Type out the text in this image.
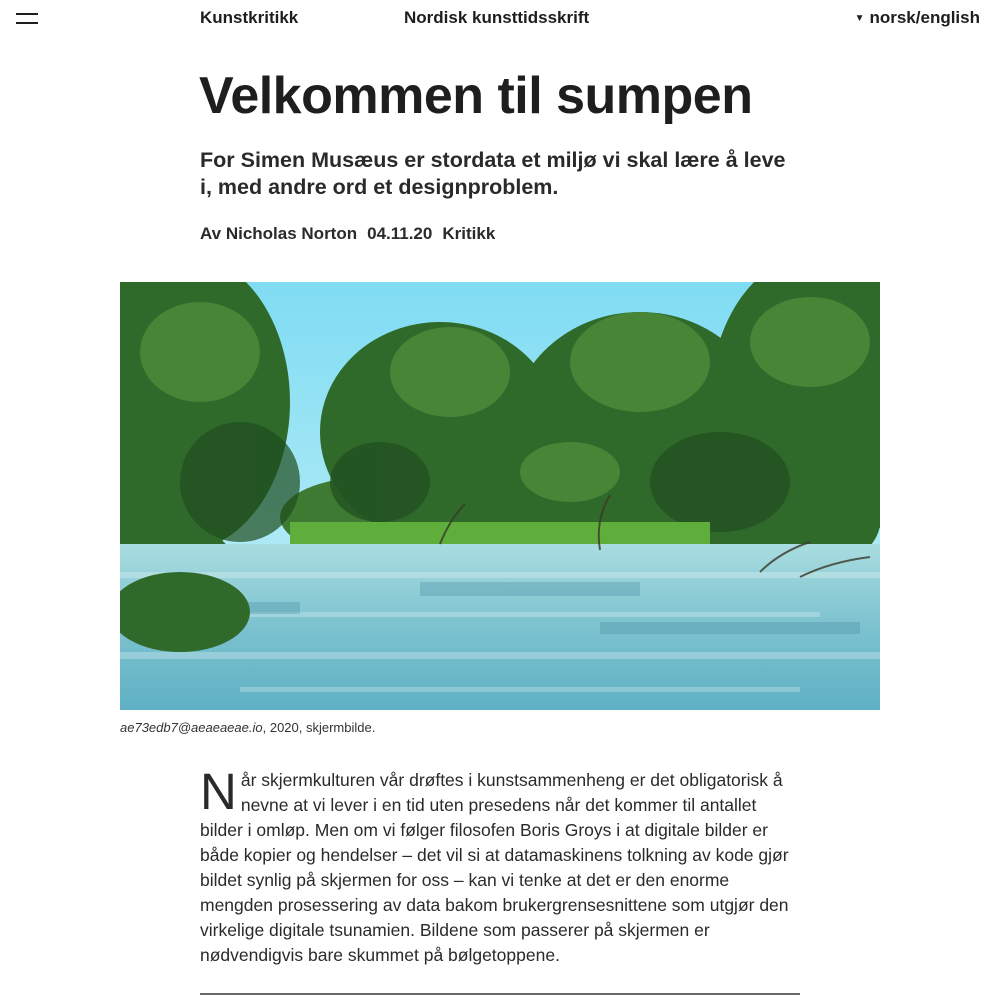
Kunstkritikk	Nordisk kunsttidsskrift	▼ norsk/english
Velkommen til sumpen

For Simen Musæus er stordata et miljø vi skal lære å leve i, med andre ord et designproblem.

Av Nicholas Norton 04.11.20 Kritikk
ae73edb7@aeaeaeae.io, 2020, skjermbilde.

Når skjermkulturen vår drøftes i kunstsammenheng er det obligatorisk å nevne at vi lever i en tid uten presedens når det kommer til antallet bilder i omløp. Men om vi følger filosofen Boris Groys i at digitale bilder er både kopier og hendelser – det vil si at datamaskinens tolkning av kode gjør bildet synlig på skjermen for oss – kan vi tenke at det er den enorme mengden prosessering av data bakom brukergrensesnittene som utgjør den virkelige digitale tsunamien. Bildene som passerer på skjermen er nødvendigvis bare skummet på bølgetoppene.
